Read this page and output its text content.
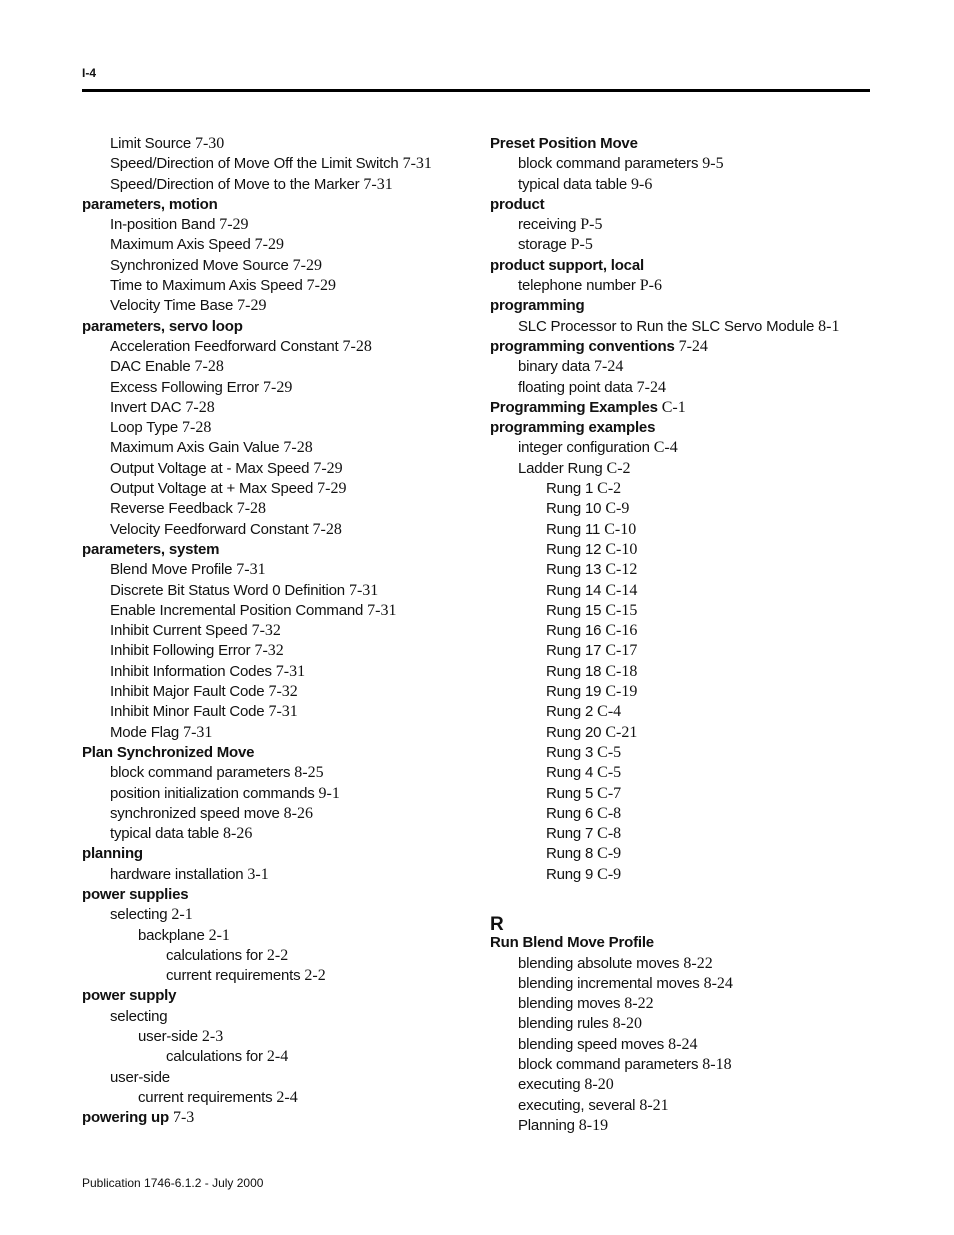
I-4
Limit Source 7-30
Speed/Direction of Move Off the Limit Switch 7-31
Speed/Direction of Move to the Marker 7-31
parameters, motion
In-position Band 7-29
Maximum Axis Speed 7-29
Synchronized Move Source 7-29
Time to Maximum Axis Speed 7-29
Velocity Time Base 7-29
parameters, servo loop
Acceleration Feedforward Constant 7-28
DAC Enable 7-28
Excess Following Error 7-29
Invert DAC 7-28
Loop Type 7-28
Maximum Axis Gain Value 7-28
Output Voltage at - Max Speed 7-29
Output Voltage at + Max Speed 7-29
Reverse Feedback 7-28
Velocity Feedforward Constant 7-28
parameters, system
Blend Move Profile 7-31
Discrete Bit Status Word 0 Definition 7-31
Enable Incremental Position Command 7-31
Inhibit Current Speed 7-32
Inhibit Following Error 7-32
Inhibit Information Codes 7-31
Inhibit Major Fault Code 7-32
Inhibit Minor Fault Code 7-31
Mode Flag 7-31
Plan Synchronized Move
block command parameters 8-25
position initialization commands 9-1
synchronized speed move 8-26
typical data table 8-26
planning
hardware installation 3-1
power supplies
selecting 2-1
backplane 2-1
calculations for 2-2
current requirements 2-2
power supply
selecting
user-side 2-3
calculations for 2-4
user-side
current requirements 2-4
powering up 7-3
Preset Position Move
block command parameters 9-5
typical data table 9-6
product
receiving P-5
storage P-5
product support, local
telephone number P-6
programming
SLC Processor to Run the SLC Servo Module 8-1
programming conventions 7-24
binary data 7-24
floating point data 7-24
Programming Examples C-1
programming examples
integer configuration C-4
Ladder Rung C-2
Rung 1 C-2
Rung 10 C-9
Rung 11 C-10
Rung 12 C-10
Rung 13 C-12
Rung 14 C-14
Rung 15 C-15
Rung 16 C-16
Rung 17 C-17
Rung 18 C-18
Rung 19 C-19
Rung 2 C-4
Rung 20 C-21
Rung 3 C-5
Rung 4 C-5
Rung 5 C-7
Rung 6 C-8
Rung 7 C-8
Rung 8 C-9
Rung 9 C-9
R
Run Blend Move Profile
blending absolute moves 8-22
blending incremental moves 8-24
blending moves 8-22
blending rules 8-20
blending speed moves 8-24
block command parameters 8-18
executing 8-20
executing, several 8-21
Planning 8-19
Publication 1746-6.1.2 - July 2000
